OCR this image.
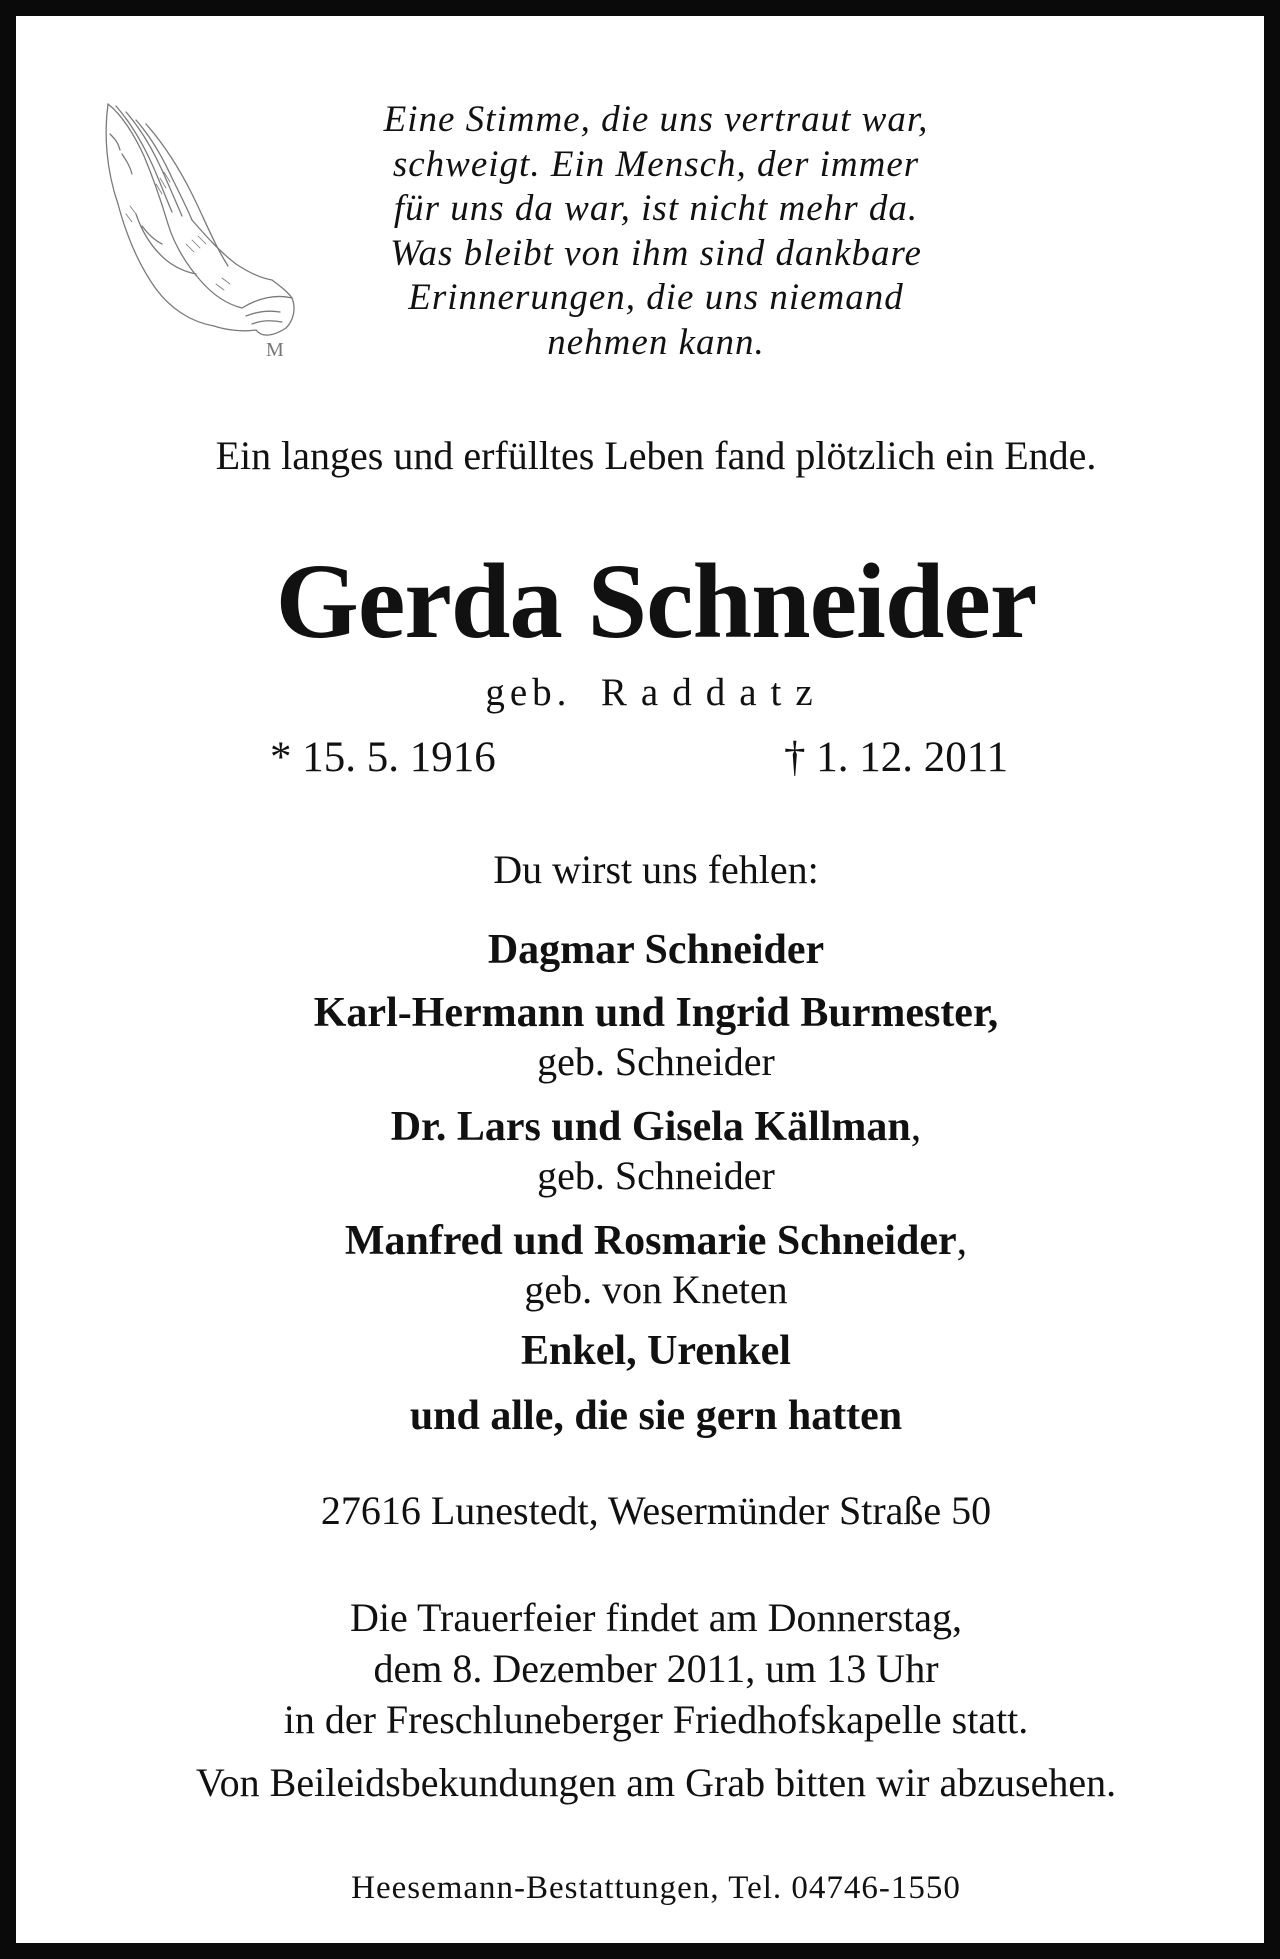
M
Eine Stimme, die uns vertraut war,
schweigt. Ein Mensch, der immer
für uns da war, ist nicht mehr da.
Was bleibt von ihm sind dankbare
Erinnerungen, die uns niemand
nehmen kann.
Ein langes und erfülltes Leben fand plötzlich ein Ende.
Gerda Schneider
geb. Raddatz
* 15. 5. 1916	† 1. 12. 2011
Du wirst uns fehlen:
Dagmar Schneider
Karl-Hermann und Ingrid Burmester,
geb. Schneider
Dr. Lars und Gisela Källman,
geb. Schneider
Manfred und Rosmarie Schneider,
geb. von Kneten
Enkel, Urenkel
und alle, die sie gern hatten
27616 Lunestedt, Wesermünder Straße 50
Die Trauerfeier findet am Donnerstag,
dem 8. Dezember 2011, um 13 Uhr
in der Freschluneberger Friedhofskapelle statt.
Von Beileidsbekundungen am Grab bitten wir abzusehen.
Heesemann-Bestattungen, Tel. 04746-1550
